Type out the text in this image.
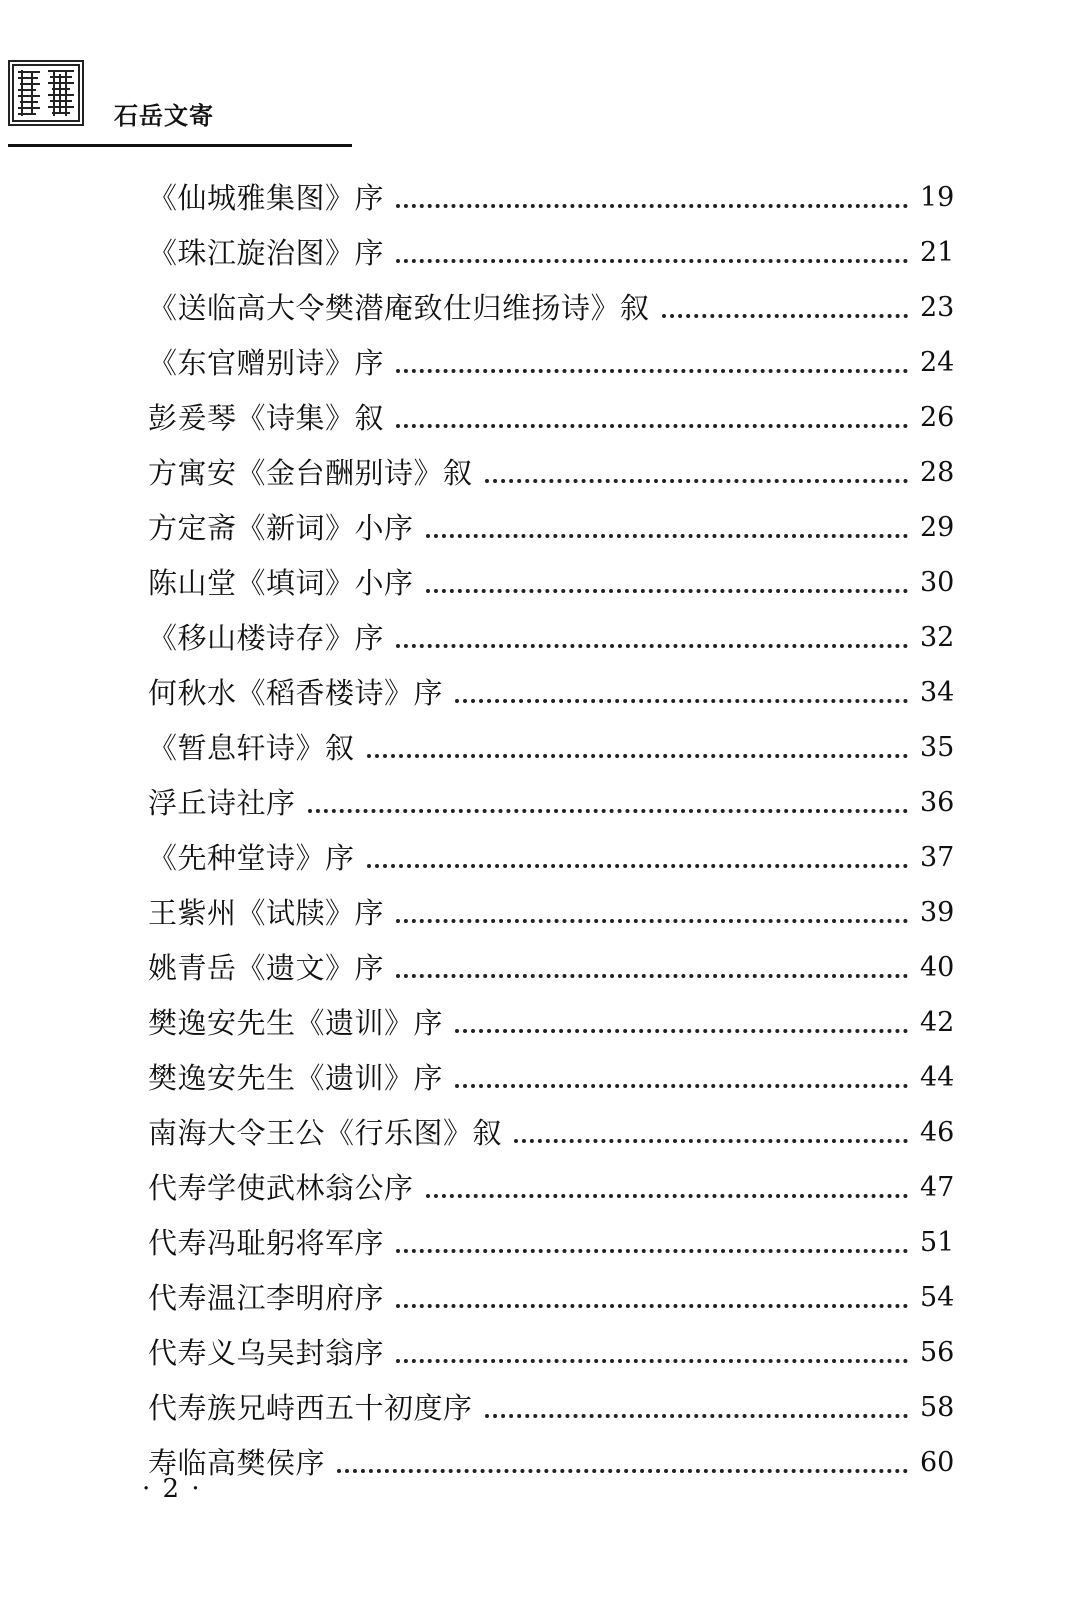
石岳文寄
《仙城雅集图》序	19
《珠江旋治图》序	21
《送临高大令樊潜庵致仕归维扬诗》叙	23
《东官赠别诗》序	24
彭爰琴《诗集》叙	26
方寓安《金台酬别诗》叙	28
方定斋《新词》小序	29
陈山堂《填词》小序	30
《移山楼诗存》序	32
何秋水《稻香楼诗》序	34
《暂息轩诗》叙	35
浮丘诗社序	36
《先种堂诗》序	37
王紫州《试牍》序	39
姚青岳《遗文》序	40
樊逸安先生《遗训》序	42
樊逸安先生《遗训》序	44
南海大令王公《行乐图》叙	46
代寿学使武林翁公序	47
代寿冯耻躬将军序	51
代寿温江李明府序	54
代寿义乌吴封翁序	56
代寿族兄峙西五十初度序	58
寿临高樊侯序	60
· 2 ·
